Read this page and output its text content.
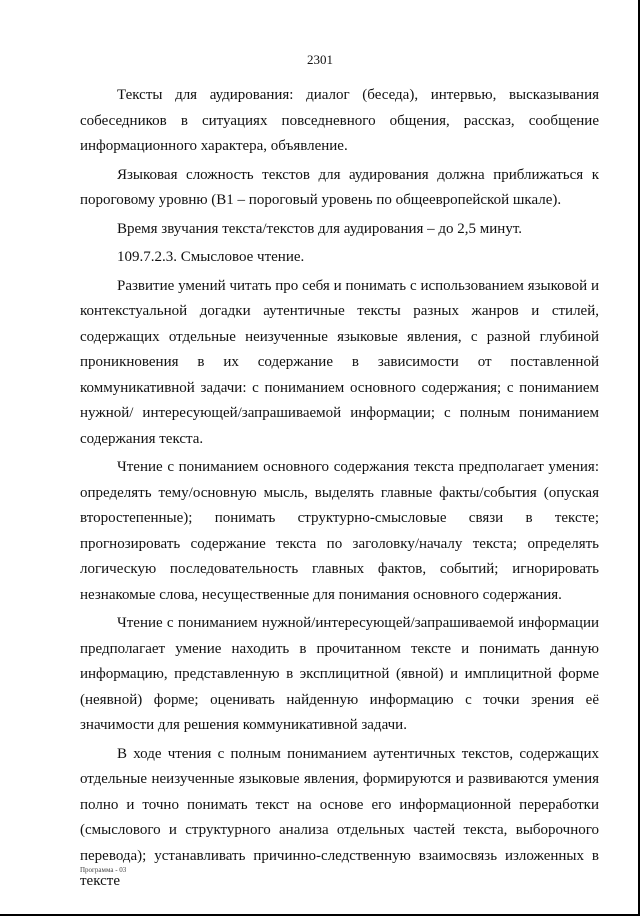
2301

Тексты для аудирования: диалог (беседа), интервью, высказывания собеседников в ситуациях повседневного общения, рассказ, сообщение информационного характера, объявление.

Языковая сложность текстов для аудирования должна приближаться к пороговому уровню (B1 – пороговый уровень по общеевропейской шкале).

Время звучания текста/текстов для аудирования – до 2,5 минут.

109.7.2.3. Смысловое чтение.

Развитие умений читать про себя и понимать с использованием языковой и контекстуальной догадки аутентичные тексты разных жанров и стилей, содержащих отдельные неизученные языковые явления, с разной глубиной проникновения в их содержание в зависимости от поставленной коммуникативной задачи: с пониманием основного содержания; с пониманием нужной/ интересующей/запрашиваемой информации; с полным пониманием содержания текста.

Чтение с пониманием основного содержания текста предполагает умения: определять тему/основную мысль, выделять главные факты/события (опуская второстепенные); понимать структурно-смысловые связи в тексте; прогнозировать содержание текста по заголовку/началу текста; определять логическую последовательность главных фактов, событий; игнорировать незнакомые слова, несущественные для понимания основного содержания.

Чтение с пониманием нужной/интересующей/запрашиваемой информации предполагает умение находить в прочитанном тексте и понимать данную информацию, представленную в эксплицитной (явной) и имплицитной форме (неявной) форме; оценивать найденную информацию с точки зрения её значимости для решения коммуникативной задачи.

В ходе чтения с полным пониманием аутентичных текстов, содержащих отдельные неизученные языковые явления, формируются и развиваются умения полно и точно понимать текст на основе его информационной переработки (смыслового и структурного анализа отдельных частей текста, выборочного перевода); устанавливать причинно-следственную взаимосвязь изложенных в тексте

Программа - 03
